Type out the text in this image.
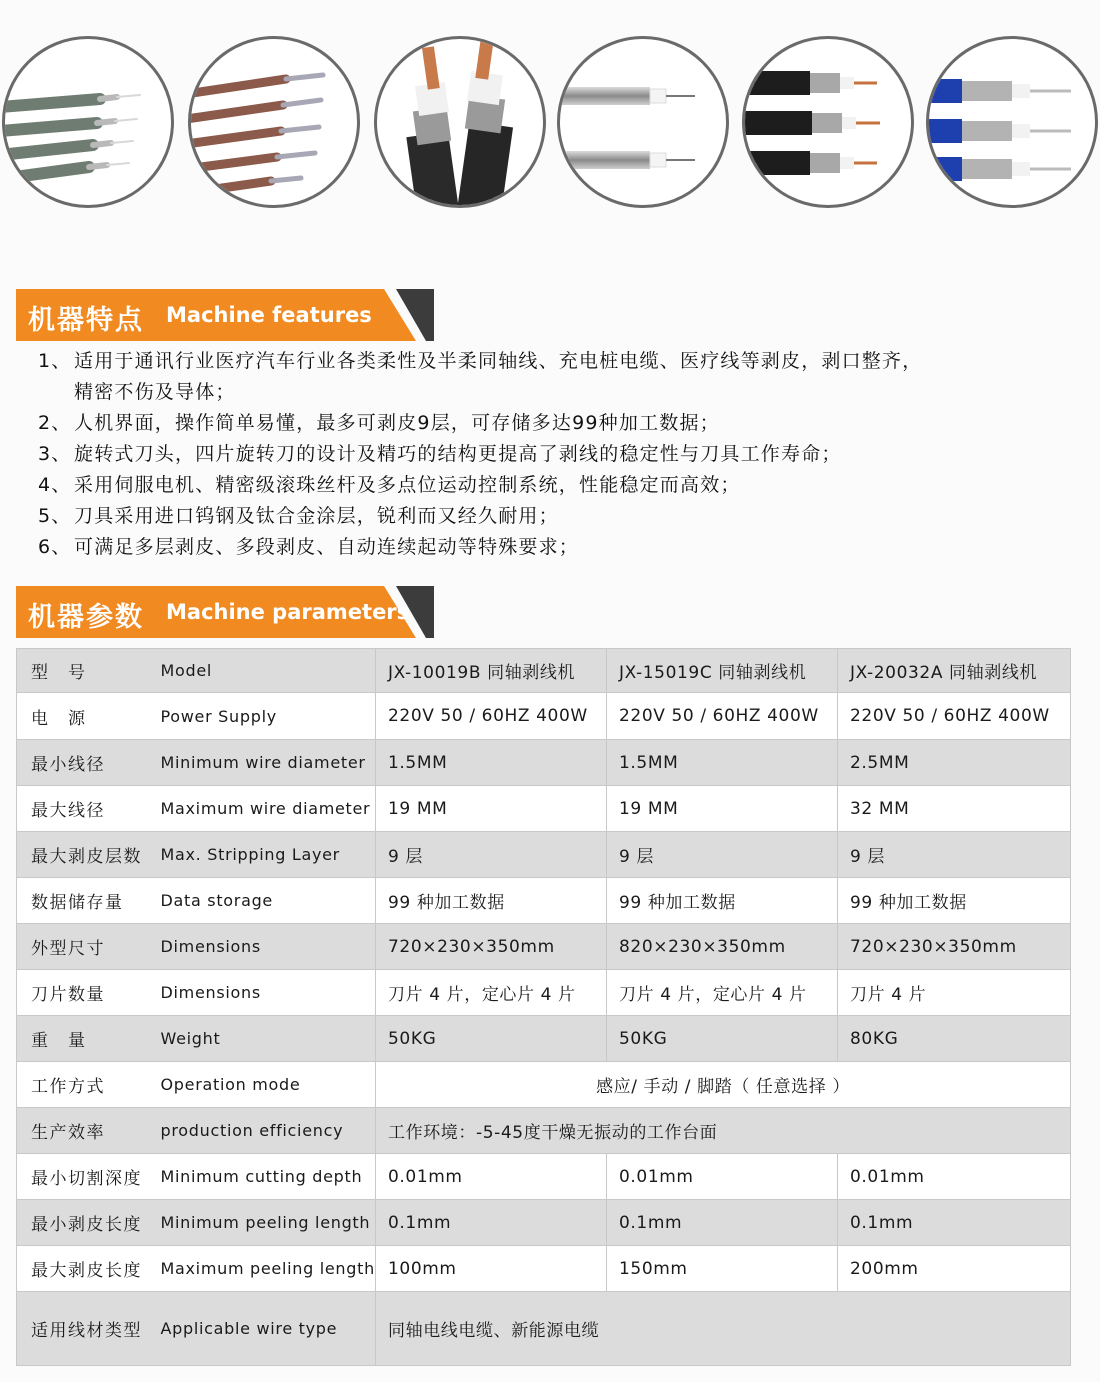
机器特点 Machine features
1、 适用于通讯行业医疗汽车行业各类柔性及半柔同轴线、充电桩电缆、医疗线等剥皮，剥口整齐，
精密不伤及导体；
2、 人机界面，操作简单易懂，最多可剥皮9层，可存储多达99种加工数据；
3、 旋转式刀头，四片旋转刀的设计及精巧的结构更提高了剥线的稳定性与刀具工作寿命；
4、 采用伺服电机、精密级滚珠丝杆及多点位运动控制系统，性能稳定而高效；
5、 刀具采用进口钨钢及钛合金涂层，锐利而又经久耐用；
6、 可满足多层剥皮、多段剥皮、自动连续起动等特殊要求；
机器参数 Machine parameters
型　号	Model	JX-10019B 同轴剥线机	JX-15019C 同轴剥线机	JX-20032A 同轴剥线机
电　源	Power Supply	220V 50 / 60HZ 400W	220V 50 / 60HZ 400W	220V 50 / 60HZ 400W
最小线径	Minimum wire diameter	1.5MM	1.5MM	2.5MM
最大线径	Maximum wire diameter	19 MM	19 MM	32 MM
最大剥皮层数	Max. Stripping Layer	9 层	9 层	9 层
数据储存量	Data storage	99 种加工数据	99 种加工数据	99 种加工数据
外型尺寸	Dimensions	720×230×350mm	820×230×350mm	720×230×350mm
刀片数量	Dimensions	刀片 4 片，定心片 4 片	刀片 4 片，定心片 4 片	刀片 4 片
重　量	Weight	50KG	50KG	80KG
工作方式	Operation mode	感应/ 手动 / 脚踏（ 任意选择 ）		
生产效率	production efficiency	工作环境：-5-45度干燥无振动的工作台面		
最小切割深度	Minimum cutting depth	0.01mm	0.01mm	0.01mm
最小剥皮长度	Minimum peeling length	0.1mm	0.1mm	0.1mm
最大剥皮长度	Maximum peeling length	100mm	150mm	200mm
适用线材类型	Applicable wire type	同轴电线电缆、新能源电缆		
